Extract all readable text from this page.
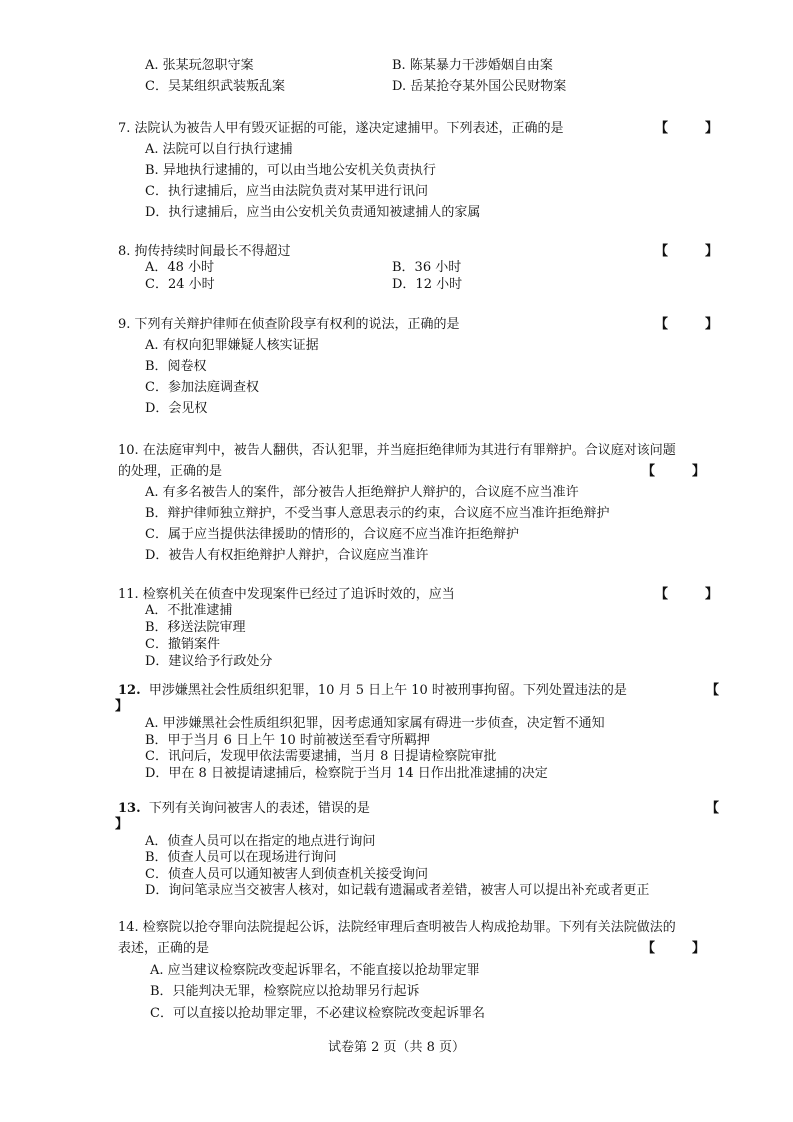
A. 张某玩忽职守案	B. 陈某暴力干涉婚姻自由案
C．吴某组织武装叛乱案	D. 岳某抢夺某外国公民财物案
7. 法院认为被告人甲有毁灭证据的可能，遂决定逮捕甲。下列表述，正确的是	【	】
A. 法院可以自行执行逮捕
B. 异地执行逮捕的，可以由当地公安机关负责执行
C．执行逮捕后，应当由法院负责对某甲进行讯问
D．执行逮捕后，应当由公安机关负责通知被逮捕人的家属
8. 拘传持续时间最长不得超过	【	】
A．48 小时	B．36 小时
C．24 小时	D．12 小时
9. 下列有关辩护律师在侦查阶段享有权利的说法，正确的是	【	】
A. 有权向犯罪嫌疑人核实证据
B．阅卷权
C．参加法庭调查权
D．会见权
10. 在法庭审判中，被告人翻供，否认犯罪，并当庭拒绝律师为其进行有罪辩护。合议庭对该问题
的处理，正确的是	【	】
A. 有多名被告人的案件，部分被告人拒绝辩护人辩护的，合议庭不应当准许
B．辩护律师独立辩护，不受当事人意思表示的约束，合议庭不应当准许拒绝辩护
C．属于应当提供法律援助的情形的，合议庭不应当准许拒绝辩护
D．被告人有权拒绝辩护人辩护，合议庭应当准许
11. 检察机关在侦查中发现案件已经过了追诉时效的，应当	【	】
A．不批准逮捕
B．移送法院审理
C．撤销案件
D．建议给予行政处分
12. 甲涉嫌黑社会性质组织犯罪，10 月 5 日上午 10 时被刑事拘留。下列处置违法的是	【
】
A. 甲涉嫌黑社会性质组织犯罪，因考虑通知家属有碍进一步侦查，决定暂不通知
B．甲于当月 6 日上午 10 时前被送至看守所羁押
C．讯问后，发现甲依法需要逮捕，当月 8 日提请检察院审批
D．甲在 8 日被提请逮捕后，检察院于当月 14 日作出批准逮捕的决定
13. 下列有关询问被害人的表述，错误的是	【
】
A．侦查人员可以在指定的地点进行询问
B．侦查人员可以在现场进行询问
C．侦查人员可以通知被害人到侦查机关接受询问
D．询问笔录应当交被害人核对，如记载有遗漏或者差错，被害人可以提出补充或者更正
14. 检察院以抢夺罪向法院提起公诉，法院经审理后查明被告人构成抢劫罪。下列有关法院做法的
表述，正确的是	【	】
A. 应当建议检察院改变起诉罪名，不能直接以抢劫罪定罪
B．只能判决无罪，检察院应以抢劫罪另行起诉
C．可以直接以抢劫罪定罪，不必建议检察院改变起诉罪名
试卷第 2 页（共 8 页）
